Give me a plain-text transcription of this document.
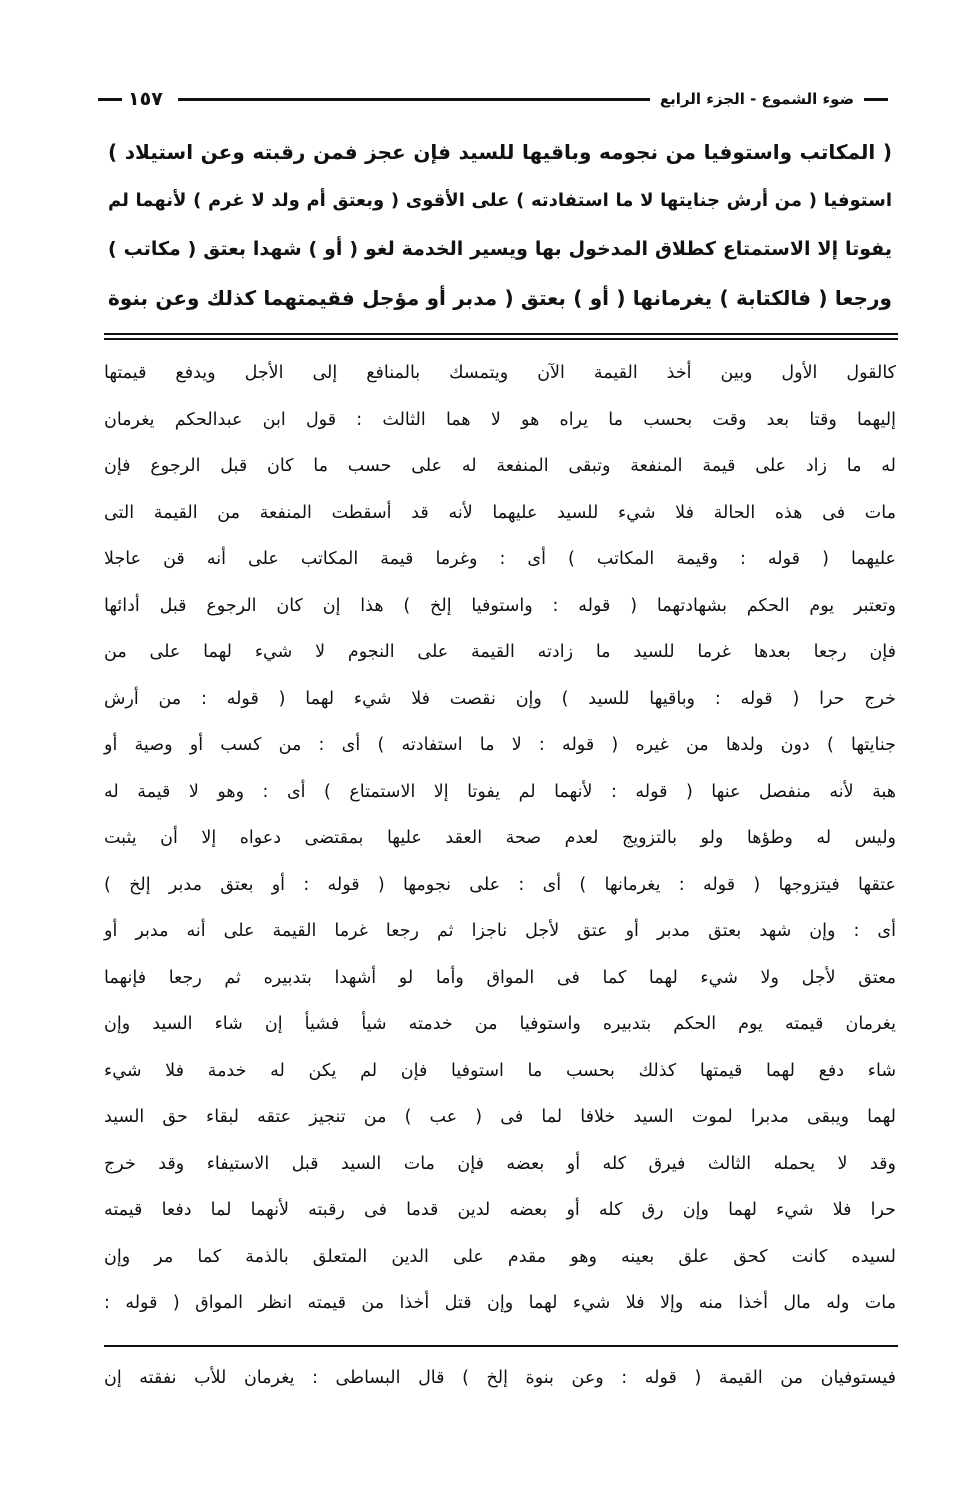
١٥٧	ضوء الشموع - الجزء الرابع
( المكاتب واستوفيا من نجومه وباقيها للسيد فإن عجز فمن رقبته وعن استيلاد )
استوفيا ( من أرش جنايتها لا ما استفادته ) على الأقوى ( وبعتق أم ولد لا غرم ) لأنهما لم
يفوتا إلا الاستمتاع كطلاق المدخول بها ويسير الخدمة لغو ( أو ) شهدا بعتق ( مكاتب )
ورجعا ( فالكتابة ) يغرمانها ( أو ) بعتق ( مدبر أو مؤجل فقيمتهما كذلك وعن بنوة
كالقول الأول وبين أخذ القيمة الآن ويتمسك بالمنافع إلى الأجل ويدفع قيمتها
إليهما وقتا بعد وقت بحسب ما يراه هو لا هما الثالث : قول ابن عبدالحكم يغرمان
له ما زاد على قيمة المنفعة وتبقى المنفعة له على حسب ما كان قبل الرجوع فإن
مات فى هذه الحالة فلا شيء للسيد عليهما لأنه قد أسقطت المنفعة من القيمة التى
عليهما ( قوله : وقيمة المكاتب ) أى : وغرما قيمة المكاتب على أنه قن عاجلا
وتعتبر يوم الحكم بشهادتهما ( قوله : واستوفيا إلخ ) هذا إن كان الرجوع قبل أدائها
فإن رجعا بعدها غرما للسيد ما زادته القيمة على النجوم لا شيء لهما على من
خرج حرا ( قوله : وباقيها للسيد ) وإن نقصت فلا شيء لهما ( قوله : من أرش
جنايتها ) دون ولدها من غيره ( قوله : لا ما استفادته ) أى : من كسب أو وصية أو
هبة لأنه منفصل عنها ( قوله : لأنهما لم يفوتا إلا الاستمتاع ) أى : وهو لا قيمة له
وليس له وطؤها ولو بالتزويج لعدم صحة العقد عليها بمقتضى دعواه إلا أن يثبت
عتقها فيتزوجها ( قوله : يغرمانها ) أى : على نجومها ( قوله : أو بعتق مدبر إلخ )
أى : وإن شهد بعتق مدبر أو عتق لأجل ناجزا ثم رجعا غرما القيمة على أنه مدبر أو
معتق لأجل ولا شيء لهما كما فى المواق وأما لو أشهدا بتدبيره ثم رجعا فإنهما
يغرمان قيمته يوم الحكم بتدبيره واستوفيا من خدمته شيأ فشيأ إن شاء السيد وإن
شاء دفع لهما قيمتها كذلك بحسب ما استوفيا فإن لم يكن له خدمة فلا شيء
لهما ويبقى مدبرا لموت السيد خلافا لما فى ( عب ) من تنجيز عتقه لبقاء حق السيد
وقد لا يحمله الثالث فيرق كله أو بعضه فإن مات السيد قبل الاستيفاء وقد خرج
حرا فلا شيء لهما وإن رق كله أو بعضه لدين قدما فى رقبته لأنهما لما دفعا قيمته
لسيده كانت كحق علق بعينه وهو مقدم على الدين المتعلق بالذمة كما مر وإن
مات وله مال أخذا منه وإلا فلا شيء لهما وإن قتل أخذا من قيمته انظر المواق ( قوله :
فيستوفيان من القيمة ( قوله : وعن بنوة إلخ ) قال البساطى : يغرمان للأب نفقته إن
